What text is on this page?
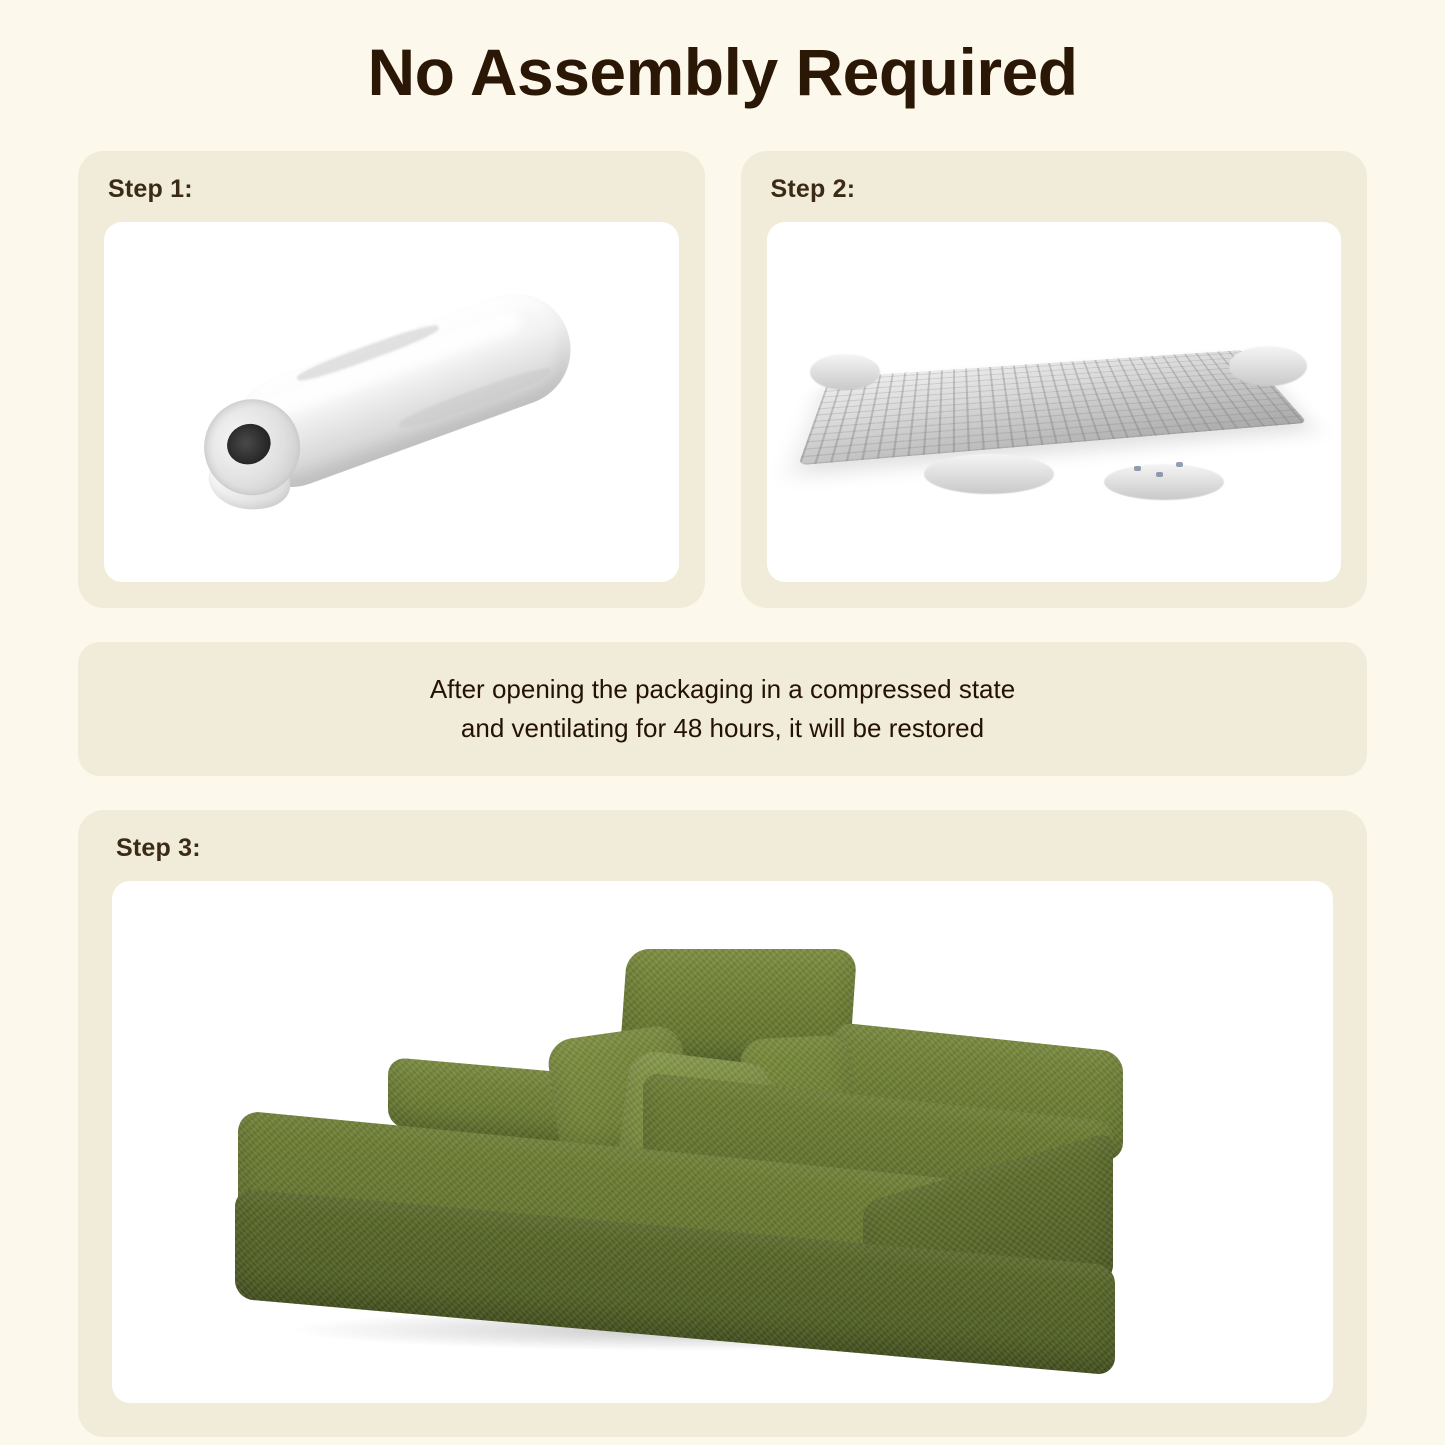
No Assembly Required
Step 1:	Step 2:
After opening the packaging in a compressed state
and ventilating for 48 hours, it will be restored
Step 3:
